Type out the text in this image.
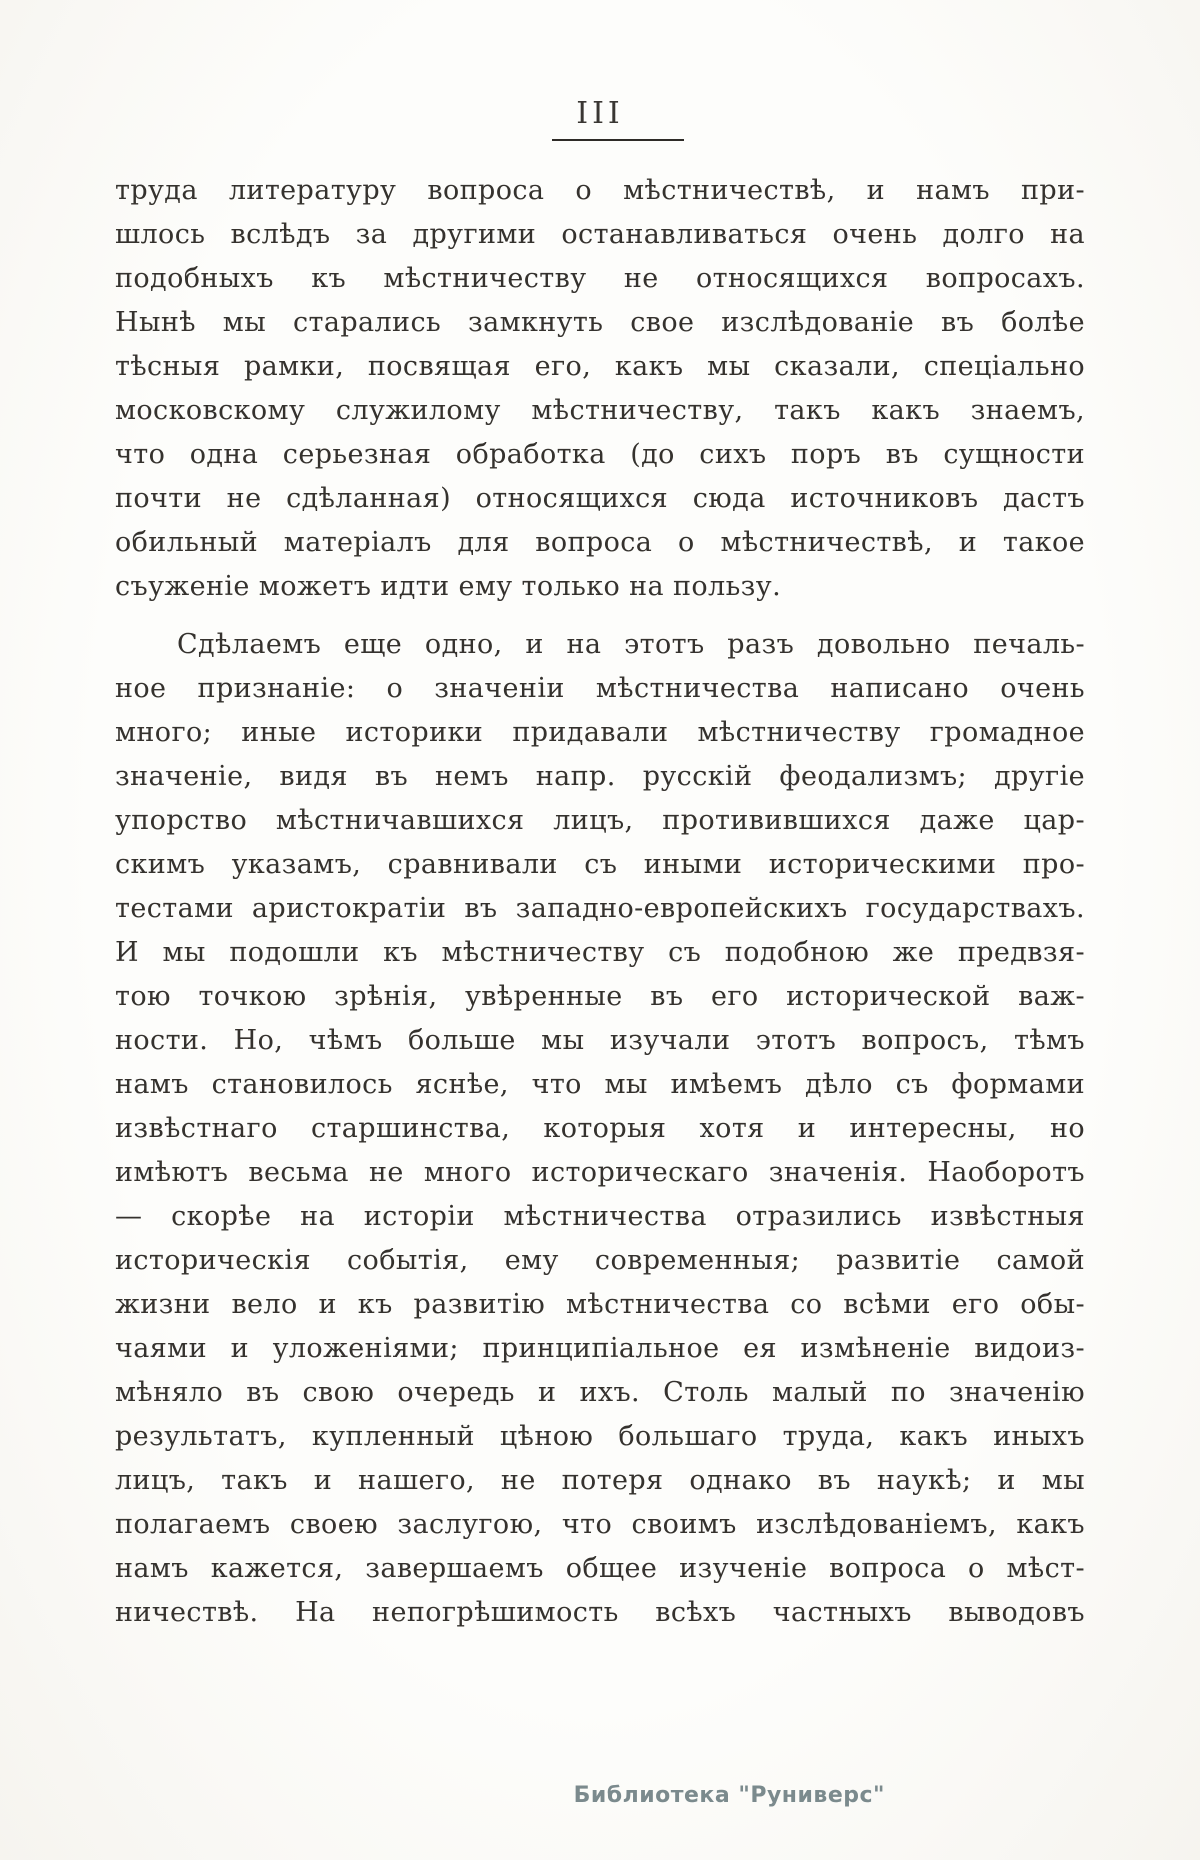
III
труда литературу вопроса о мѣстничествѣ, и намъ при-
шлось вслѣдъ за другими останавливаться очень долго на
подобныхъ къ мѣстничеству не относящихся вопросахъ.
Нынѣ мы старались замкнуть свое изслѣдованіе въ болѣе
тѣсныя рамки, посвящая его, какъ мы сказали, спеціально
московскому служилому мѣстничеству, такъ какъ знаемъ,
что одна серьезная обработка (до сихъ поръ въ сущности
почти не сдѣланная) относящихся сюда источниковъ дастъ
обильный матеріалъ для вопроса о мѣстничествѣ, и такое
съуженіе можетъ идти ему только на пользу.
Сдѣлаемъ еще одно, и на этотъ разъ довольно печаль-
ное признаніе: о значеніи мѣстничества написано очень
много; иные историки придавали мѣстничеству громадное
значеніе, видя въ немъ напр. русскій феодализмъ; другіе
упорство мѣстничавшихся лицъ, противившихся даже цар-
скимъ указамъ, сравнивали съ иными историческими про-
тестами аристократіи въ западно-европейскихъ государствахъ.
И мы подошли къ мѣстничеству съ подобною же предвзя-
тою точкою зрѣнія, увѣренные въ его исторической важ-
ности. Но, чѣмъ больше мы изучали этотъ вопросъ, тѣмъ
намъ становилось яснѣе, что мы имѣемъ дѣло съ формами
извѣстнаго старшинства, которыя хотя и интересны, но
имѣютъ весьма не много историческаго значенія. Наоборотъ
— скорѣе на исторіи мѣстничества отразились извѣстныя
историческія событія, ему современныя; развитіе самой
жизни вело и къ развитію мѣстничества со всѣми его обы-
чаями и уложеніями; принципіальное ея измѣненіе видоиз-
мѣняло въ свою очередь и ихъ. Столь малый по значенію
результатъ, купленный цѣною большаго труда, какъ иныхъ
лицъ, такъ и нашего, не потеря однако въ наукѣ; и мы
полагаемъ своею заслугою, что своимъ изслѣдованіемъ, какъ
намъ кажется, завершаемъ общее изученіе вопроса о мѣст-
ничествѣ. На непогрѣшимость всѣхъ частныхъ выводовъ
Библиотека "Руниверс"
